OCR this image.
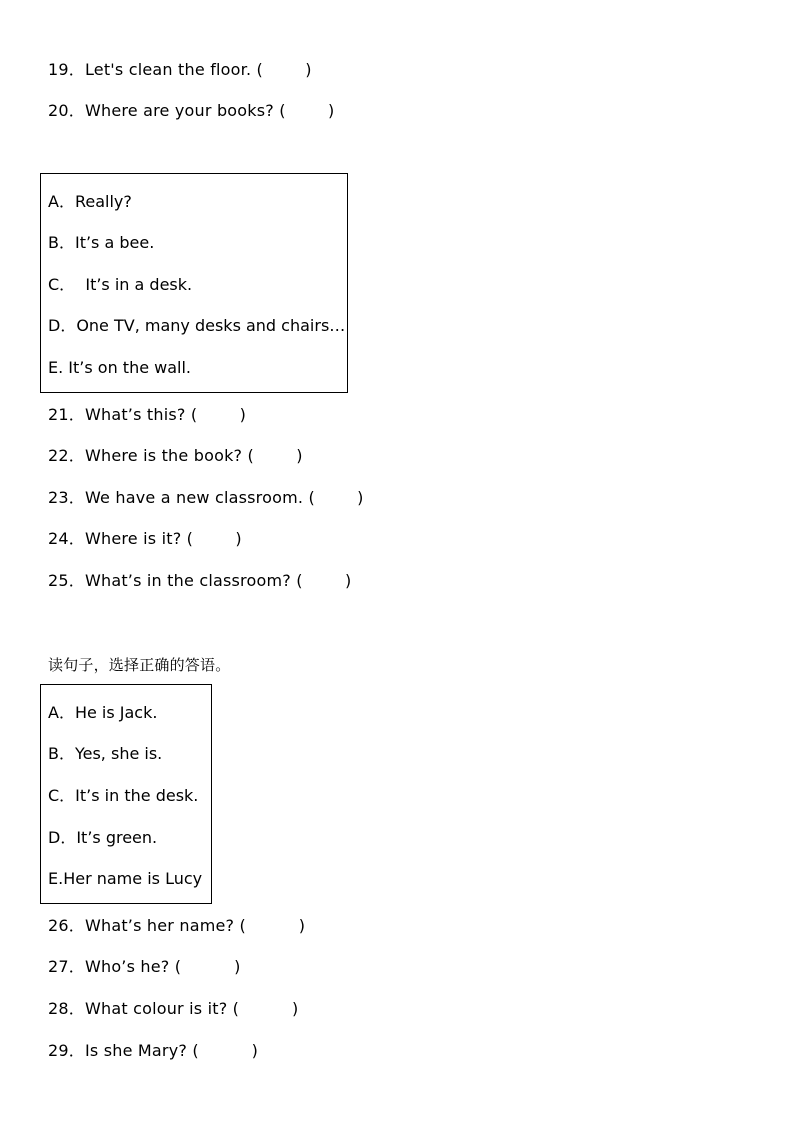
19．Let's clean the floor. (        )
20．Where are your books? (        )
A．Really?
B．It’s a bee.
C．  It’s in a desk.
D．One TV, many desks and chairs…
E. It’s on the wall.
21．What’s this? (        )
22．Where is the book? (        )
23．We have a new classroom. (        )
24．Where is it? (        )
25．What’s in the classroom? (        )
读句子，选择正确的答语。
A．He is Jack.
B．Yes, she is.
C．It’s in the desk.
D．It’s green.
E.Her name is Lucy
26．What’s her name? (          )
27．Who’s he? (          )
28．What colour is it? (          )
29．Is she Mary? (          )
